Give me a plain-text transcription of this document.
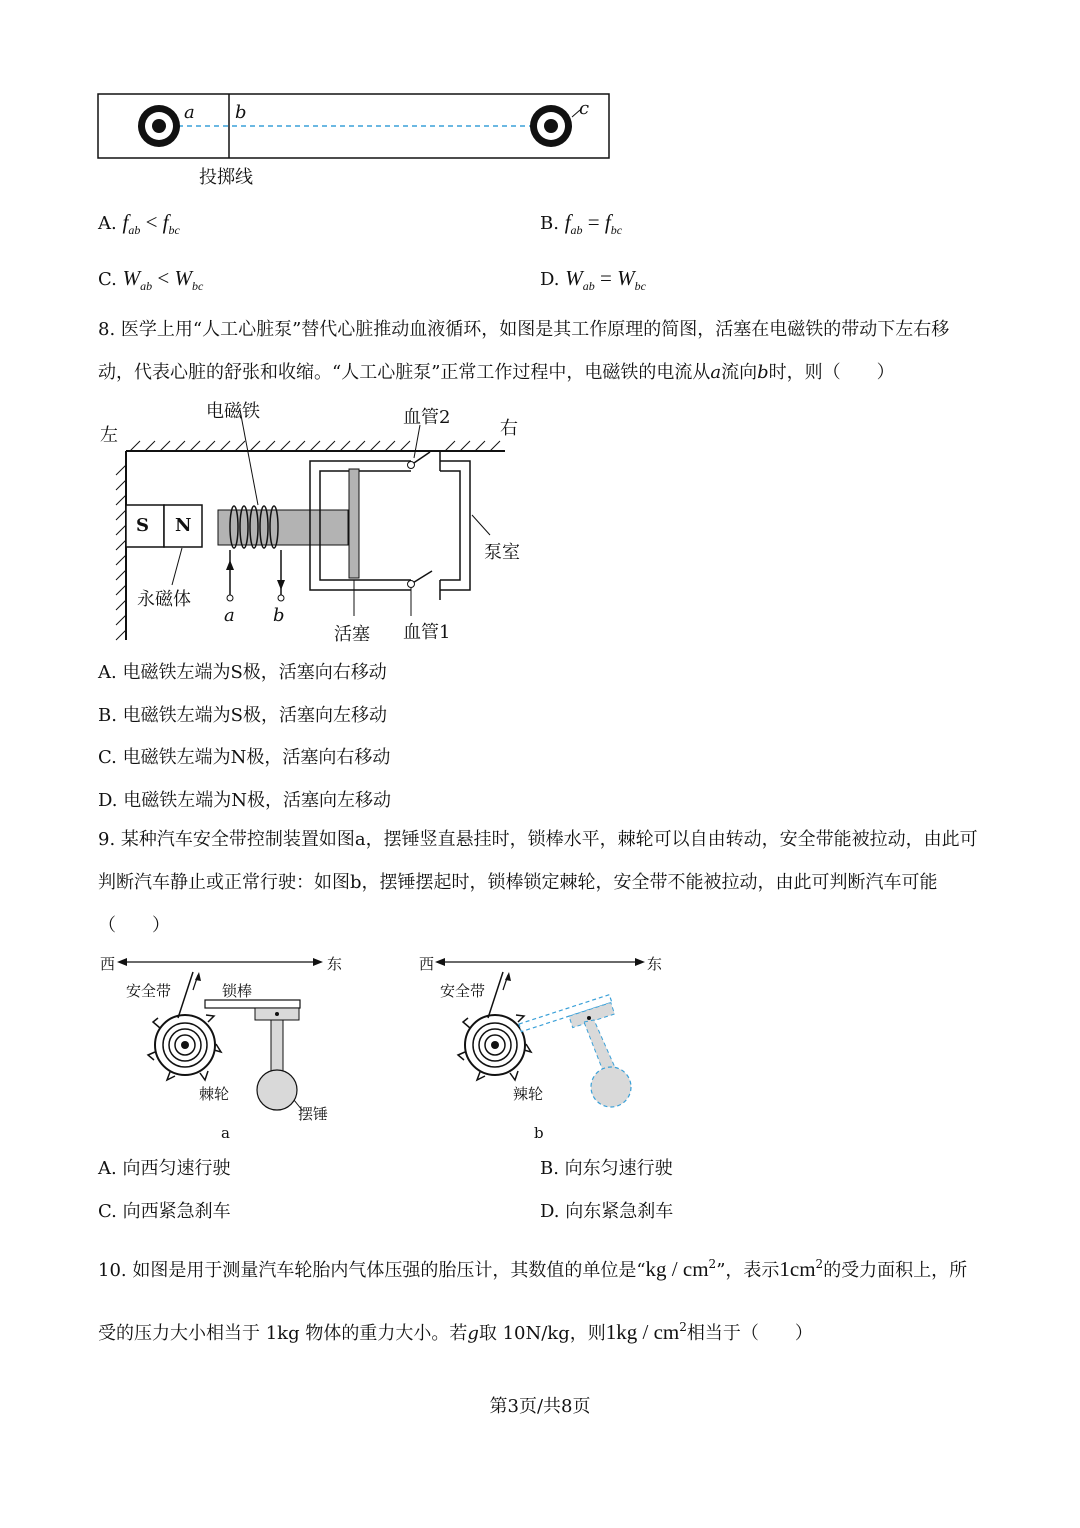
a b	c
投掷线
A. $f_{ab} < f_{bc}$	B. $f_{ab} = f_{bc}$
C. $W_{ab} < W_{bc}$	D. $W_{ab} = W_{bc}$
8. 医学上用“人工心脏泵”替代心脏推动血液循环，如图是其工作原理的简图，活塞在电磁铁的带动下左右移动，代表心脏的舒张和收缩。“人工心脏泵”正常工作过程中，电磁铁的电流从a流向b时，则（　　）
左	右
电磁铁	血管2
S N
泵室
永磁体
a b
活塞 血管1
A. 电磁铁左端为S极，活塞向右移动
B. 电磁铁左端为S极，活塞向左移动
C. 电磁铁左端为N极，活塞向右移动
D. 电磁铁左端为N极，活塞向左移动
9. 某种汽车安全带控制装置如图a，摆锤竖直悬挂时，锁棒水平，棘轮可以自由转动，安全带能被拉动，由此可判断汽车静止或正常行驶：如图b，摆锤摆起时，锁棒锁定棘轮，安全带不能被拉动，由此可判断汽车可能（　　）
西	东
安全带	锁棒
棘轮
摆锤
a
西	东
安全带
辣轮
b
A. 向西匀速行驶	B. 向东匀速行驶
C. 向西紧急刹车	D. 向东紧急刹车
10. 如图是用于测量汽车轮胎内气体压强的胎压计，其数值的单位是“kg / $cm^2$”，表示$1cm^2$的受力面积上，所受的压力大小相当于 1kg 物体的重力大小。若g取 10N/kg，则$1kg / cm^2$相当于（　　）
第3页/共8页
